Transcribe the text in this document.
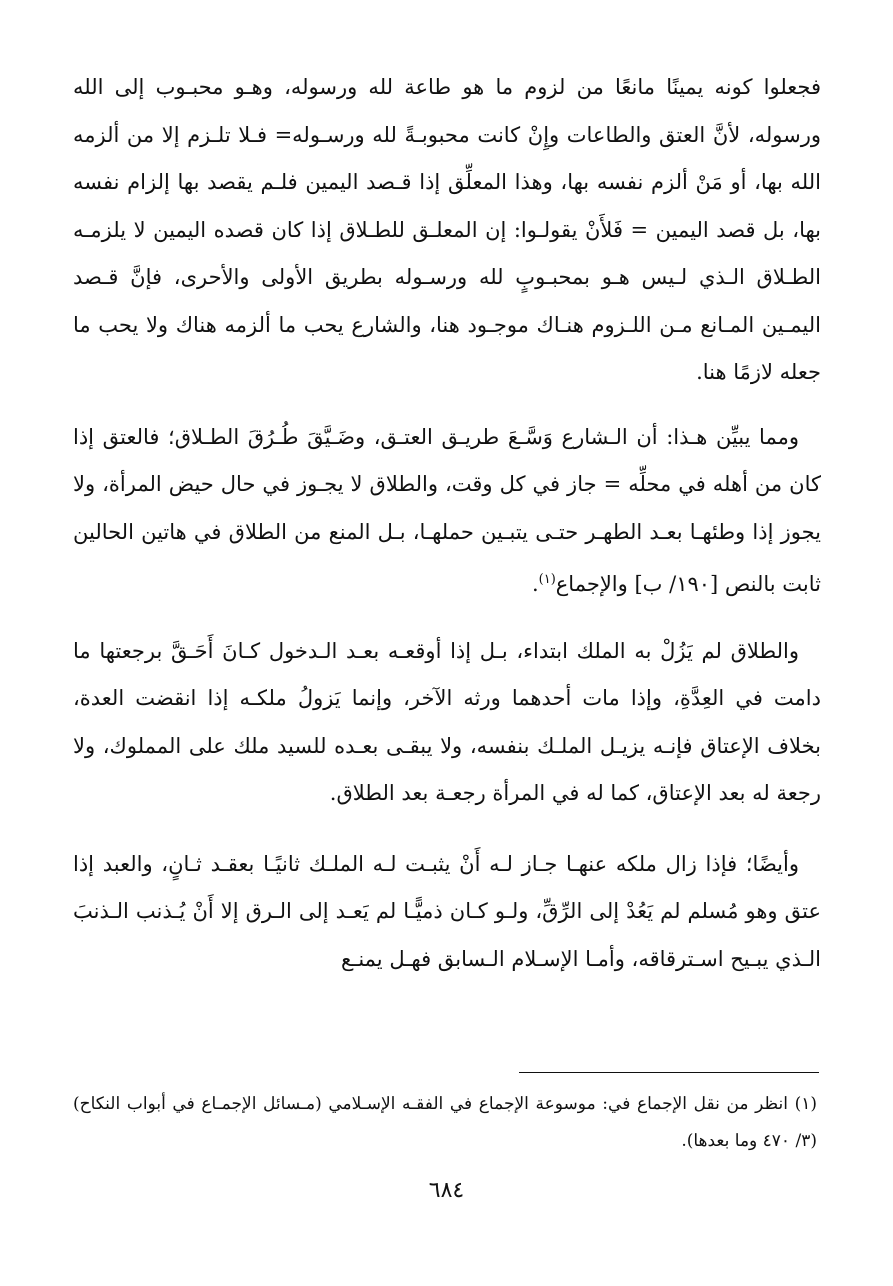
فجعلوا كونه يمينًا مانعًا من لزوم ما هو طاعة لله ورسوله، وهـو محبـوب إلى الله ورسوله، لأنَّ العتق والطاعات وإِنْ كانت محبوبـةً لله ورسـوله= فـلا تلـزم إلا من ألزمه الله بها، أو مَنْ ألزم نفسه بها، وهذا المعلِّق إذا قـصد اليمين فلـم يقصد بها إلزام نفسه بها، بل قصد اليمين = فَلأَنْ يقولـوا: إن المعلـق للطـلاق إذا كان قصده اليمين لا يلزمـه الطـلاق الـذي لـيس هـو بمحبـوبٍ لله ورسـوله بطريق الأولى والأحرى، فإنَّ قـصد اليمـين المـانع مـن اللـزوم هنـاك موجـود هنا، والشارع يحب ما ألزمه هناك ولا يحب ما جعله لازمًا هنا.

ومما يبيِّن هـذا: أن الـشارع وَسَّـعَ طريـق العتـق، وضَـيَّقَ طُـرُقَ الطـلاق؛ فالعتق إذا كان من أهله في محلِّه = جاز في كل وقت، والطلاق لا يجـوز في حال حيض المرأة، ولا يجوز إذا وطئهـا بعـد الطهـر حتـى يتبـين حملهـا، بـل المنع من الطلاق في هاتين الحالين ثابت بالنص [١٩٠/ ب] والإجماع$^{(١)}$.

والطلاق لم يَزُلْ به الملك ابتداء، بـل إذا أوقعـه بعـد الـدخول كـانَ أَحَـقَّ برجعتها ما دامت في العِدَّةِ، وإذا مات أحدهما ورثه الآخر، وإنما يَزولُ ملكـه إذا انقضت العدة، بخلاف الإعتاق فإنـه يزيـل الملـك بنفسه، ولا يبقـى بعـده للسيد ملك على المملوك، ولا رجعة له بعد الإعتاق، كما له في المرأة رجعـة بعد الطلاق.

وأيضًا؛ فإذا زال ملكه عنهـا جـاز لـه أَنْ يثبـت لـه الملـك ثانيًـا بعقـد ثـانٍ، والعبد إذا عتق وهو مُسلم لم يَعُدْ إلى الرِّقِّ، ولـو كـان ذميًّـا لم يَعـد إلى الـرق إلا أَنْ يُـذنب الـذنبَ الـذي يبـيح اسـترقاقه، وأمـا الإسـلام الـسابق فهـل يمنـع

(١) انظر من نقل الإجماع في: موسوعة الإجماع في الفقـه الإسـلامي (مـسائل الإجمـاع في أبواب النكاح) (٣/ ٤٧٠ وما بعدها).
٦٨٤
